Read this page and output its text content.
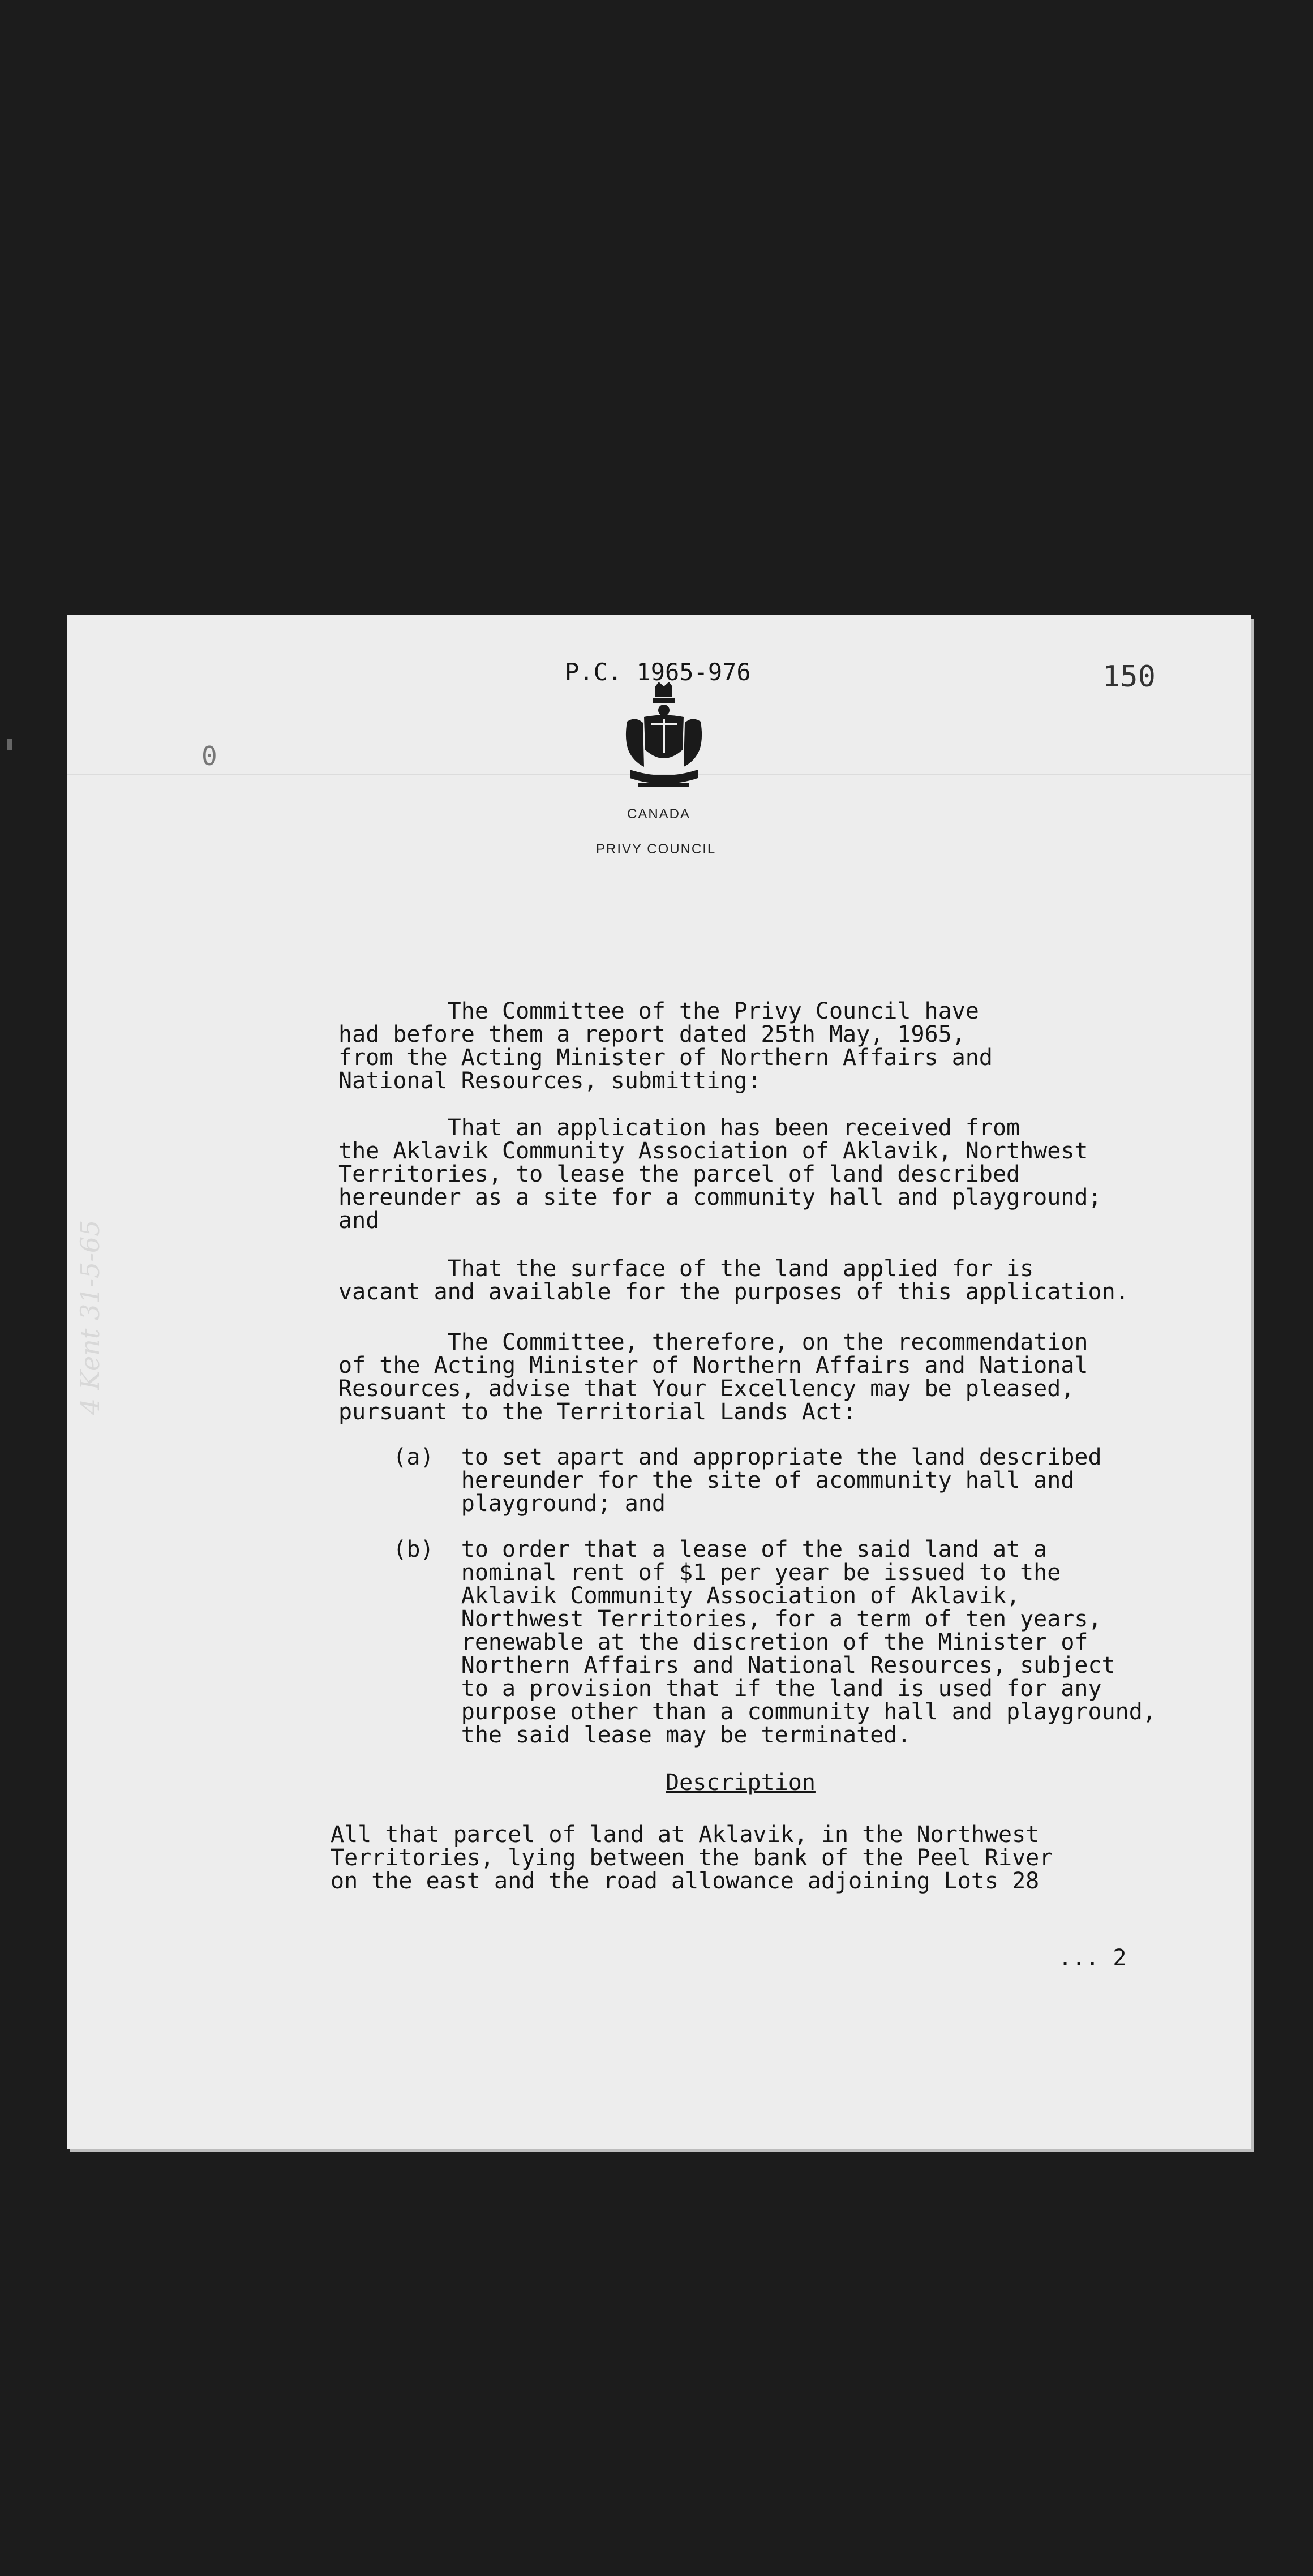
P.C. 1965-976	150
0
CANADA
PRIVY COUNCIL
The Committee of the Privy Council have
had before them a report dated 25th May, 1965,
from the Acting Minister of Northern Affairs and
National Resources, submitting:
That an application has been received from
the Aklavik Community Association of Aklavik, Northwest
Territories, to lease the parcel of land described
hereunder as a site for a community hall and playground;
and
That the surface of the land applied for is
vacant and available for the purposes of this application.
The Committee, therefore, on the recommendation
of the Acting Minister of Northern Affairs and National
Resources, advise that Your Excellency may be pleased,
pursuant to the Territorial Lands Act:
(a)  to set apart and appropriate the land described
hereunder for the site of acommunity hall and
playground; and
(b)  to order that a lease of the said land at a
nominal rent of $1 per year be issued to the
Aklavik Community Association of Aklavik,
Northwest Territories, for a term of ten years,
renewable at the discretion of the Minister of
Northern Affairs and National Resources, subject
to a provision that if the land is used for any
purpose other than a community hall and playground,
the said lease may be terminated.
Description
All that parcel of land at Aklavik, in the Northwest
Territories, lying between the bank of the Peel River
on the east and the road allowance adjoining Lots 28
... 2
4 Kent 31-5-65
